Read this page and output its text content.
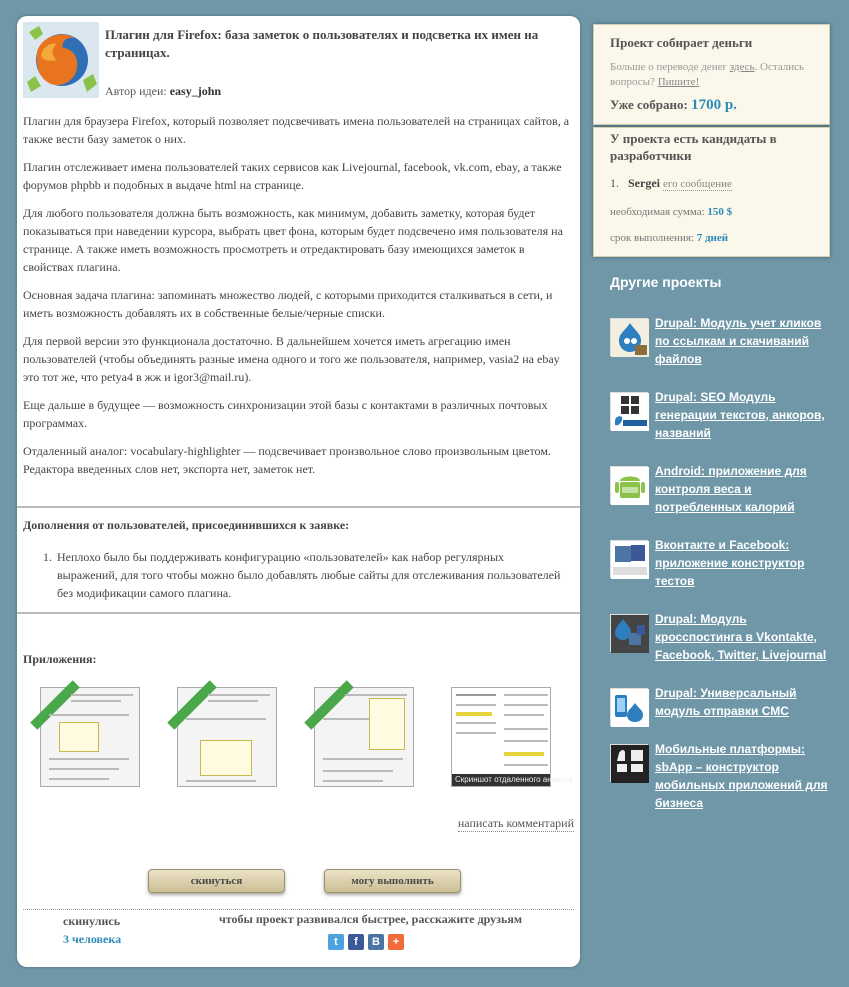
Плагин для Firefox: база заметок о пользователях и подсветка их имен на страницах.
Автор идеи: easy_john

Плагин для браузера Firefox, который позволяет подсвечивать имена пользователей на страницах сайтов, а также вести базу заметок о них.

Плагин отслеживает имена пользователей таких сервисов как Livejournal, facebook, vk.com, ebay, а также форумов phpbb и подобных в выдаче html на странице.

Для любого пользователя должна быть возможность, как минимум, добавить заметку, которая будет показываться при наведении курсора, выбрать цвет фона, которым будет подсвечено имя пользователя на странице. А также иметь возможность просмотреть и отредактировать базу имеющихся заметок в свойствах плагина.

Основная задача плагина: запоминать множество людей, с которыми приходится сталкиваться в сети, и иметь возможность добавлять их в собственные белые/черные списки.

Для первой версии это функционала достаточно. В дальнейшем хочется иметь агрегацию имен пользователей (чтобы объединять разные имена одного и того же пользователя, например, vasia2 на ebay это тот же, что petya4 в жж и igor3@mail.ru).

Еще дальше в будущее — возможность синхронизации этой базы с контактами в различных почтовых программах.

Отдаленный аналог: vocabulary-highlighter — подсвечивает произвольное слово произвольным цветом. Редактора введенных слов нет, экспорта нет, заметок нет.

Дополнения от пользователей, присоединившихся к заявке:
1. Неплохо было бы поддерживать конфигурацию «пользователей» как набор регулярных выражений, для того чтобы можно было добавлять любые сайты для отслеживания пользователей без модификации самого плагина.
Приложения:
Скриншот отдаленного аналога
написать комментарий
скинуться	могу выполнить
скинулись
3 человека
чтобы проект развивался быстрее, расскажите друзьям
t	f	B	+
Проект собирает деньги
Больше о переводе денег здесь. Остались вопросы? Пишите!
Уже собрано: 1700 р.
У проекта есть кандидаты в разработчики
1. Sergei его сообщение
необходимая сумма: 150 $
срок выполнения: 7 дней
Другие проекты
Drupal: Модуль учет кликов по ссылкам и скачиваний файлов
Drupal: SEO Модуль генерации текстов, анкоров, названий
Android: приложение для контроля веса и потребленных калорий
Вконтакте и Facebook: приложение конструктор тестов
Drupal: Модуль кросспостинга в Vkontakte, Facebook, Twitter, Livejournal
Drupal: Универсальный модуль отправки СМС
Мобильные платформы: sbApp – конструктор мобильных приложений для бизнеса
